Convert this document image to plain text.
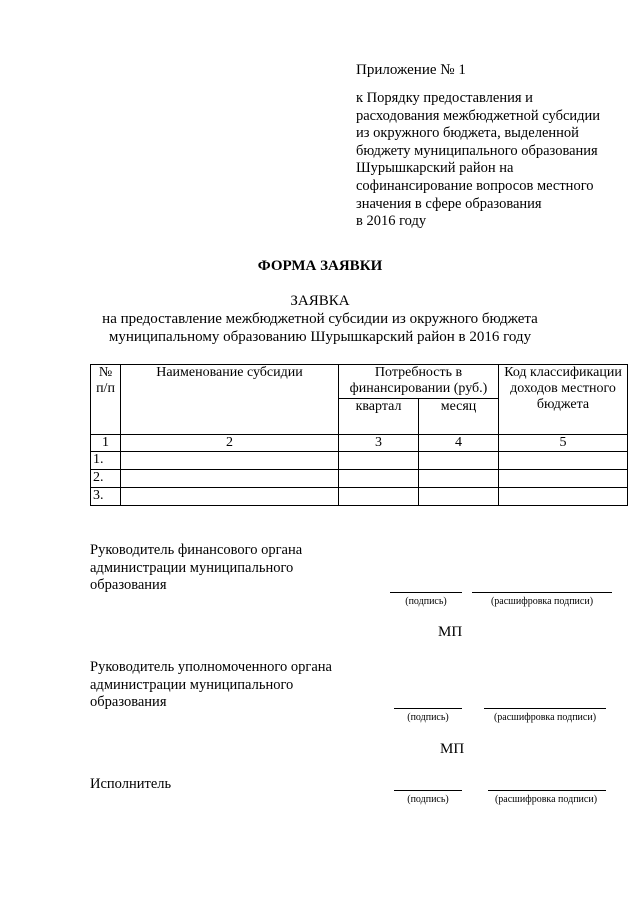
Приложение № 1
к Порядку предоставления и
расходования межбюджетной субсидии
из окружного бюджета, выделенной
бюджету муниципального образования
Шурышкарский район на
софинансирование вопросов местного
значения в сфере образования
в 2016 году
ФОРМА ЗАЯВКИ
ЗАЯВКА
на предоставление межбюджетной субсидии из окружного бюджета
муниципальному образованию Шурышкарский район в 2016 году
№ п/п	Наименование субсидии	Потребность в финансировании (руб.)		Код классификации доходов местного бюджета
		квартал	месяц	
1	2	3	4	5
1.				
2.				
3.				
Руководитель финансового органа
администрации муниципального
образования
(подпись)	(расшифровка подписи)
МП
Руководитель уполномоченного органа
администрации муниципального
образования
(подпись)	(расшифровка подписи)
МП
Исполнитель
(подпись)	(расшифровка подписи)
